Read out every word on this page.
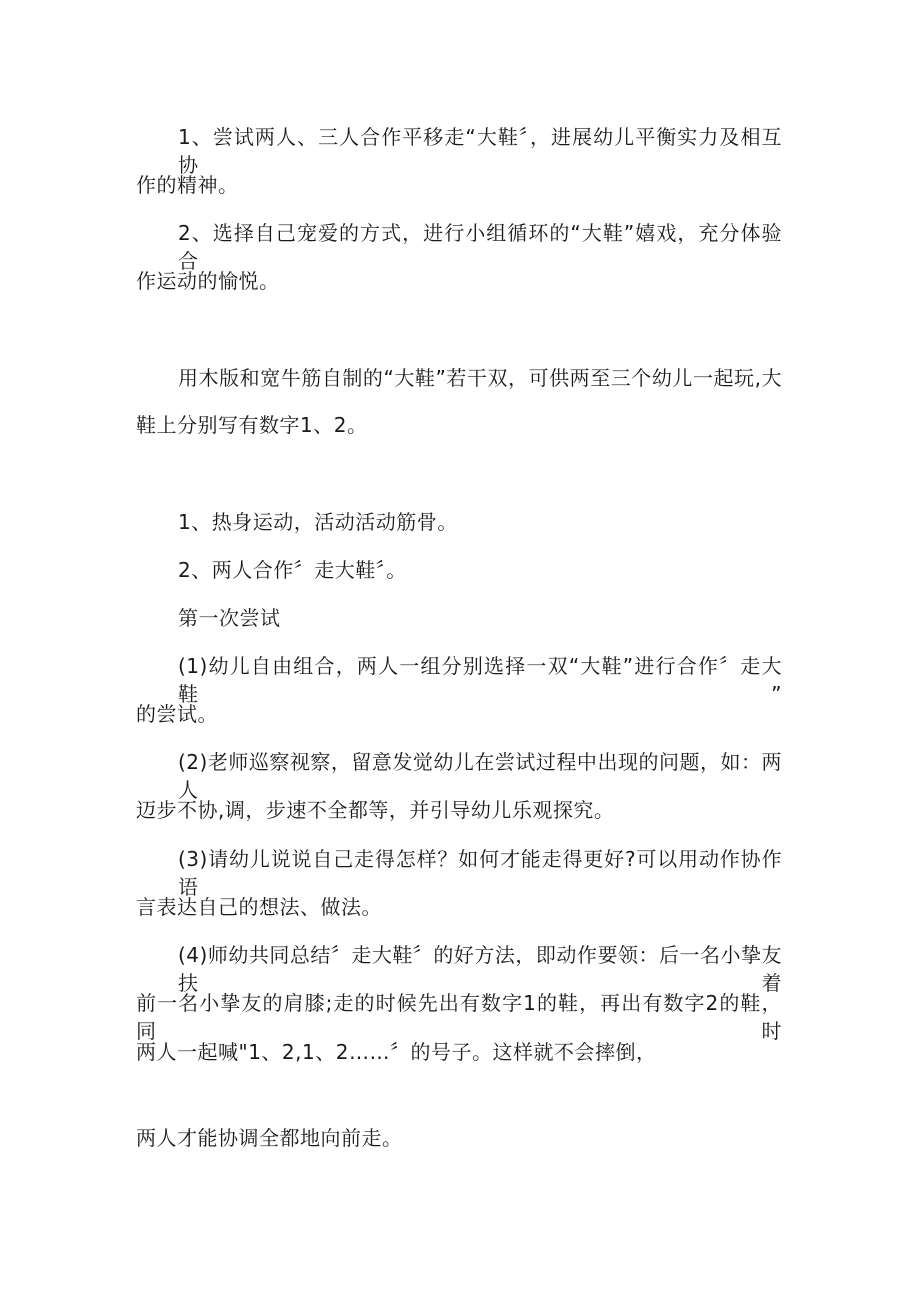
1、尝试两人、三人合作平移走“大鞋〞，进展幼儿平衡实力及相互协
作的精神。
2、选择自己宠爱的方式，进行小组循环的“大鞋”嬉戏，充分体验合
作运动的愉悦。
用木版和宽牛筋自制的“大鞋”若干双，可供两至三个幼儿一起玩,大
鞋上分别写有数字1、2。
1、热身运动，活动活动筋骨。
2、两人合作〞走大鞋〞。
第一次尝试
(1)幼儿自由组合，两人一组分别选择一双“大鞋”进行合作〞走大鞋”
的尝试。
(2)老师巡察视察，留意发觉幼儿在尝试过程中出现的问题，如：两人
迈步不协,调，步速不全都等，并引导幼儿乐观探究。
(3)请幼儿说说自己走得怎样？如何才能走得更好?可以用动作协作语
言表达自己的想法、做法。
(4)师幼共同总结〞走大鞋〞的好方法，即动作要领：后一名小挚友扶着
前一名小挚友的肩膝;走的时候先出有数字1的鞋，再出有数字2的鞋，同时
两人一起喊"1、2,1、2……〞的号子。这样就不会摔倒，
两人才能协调全都地向前走。
